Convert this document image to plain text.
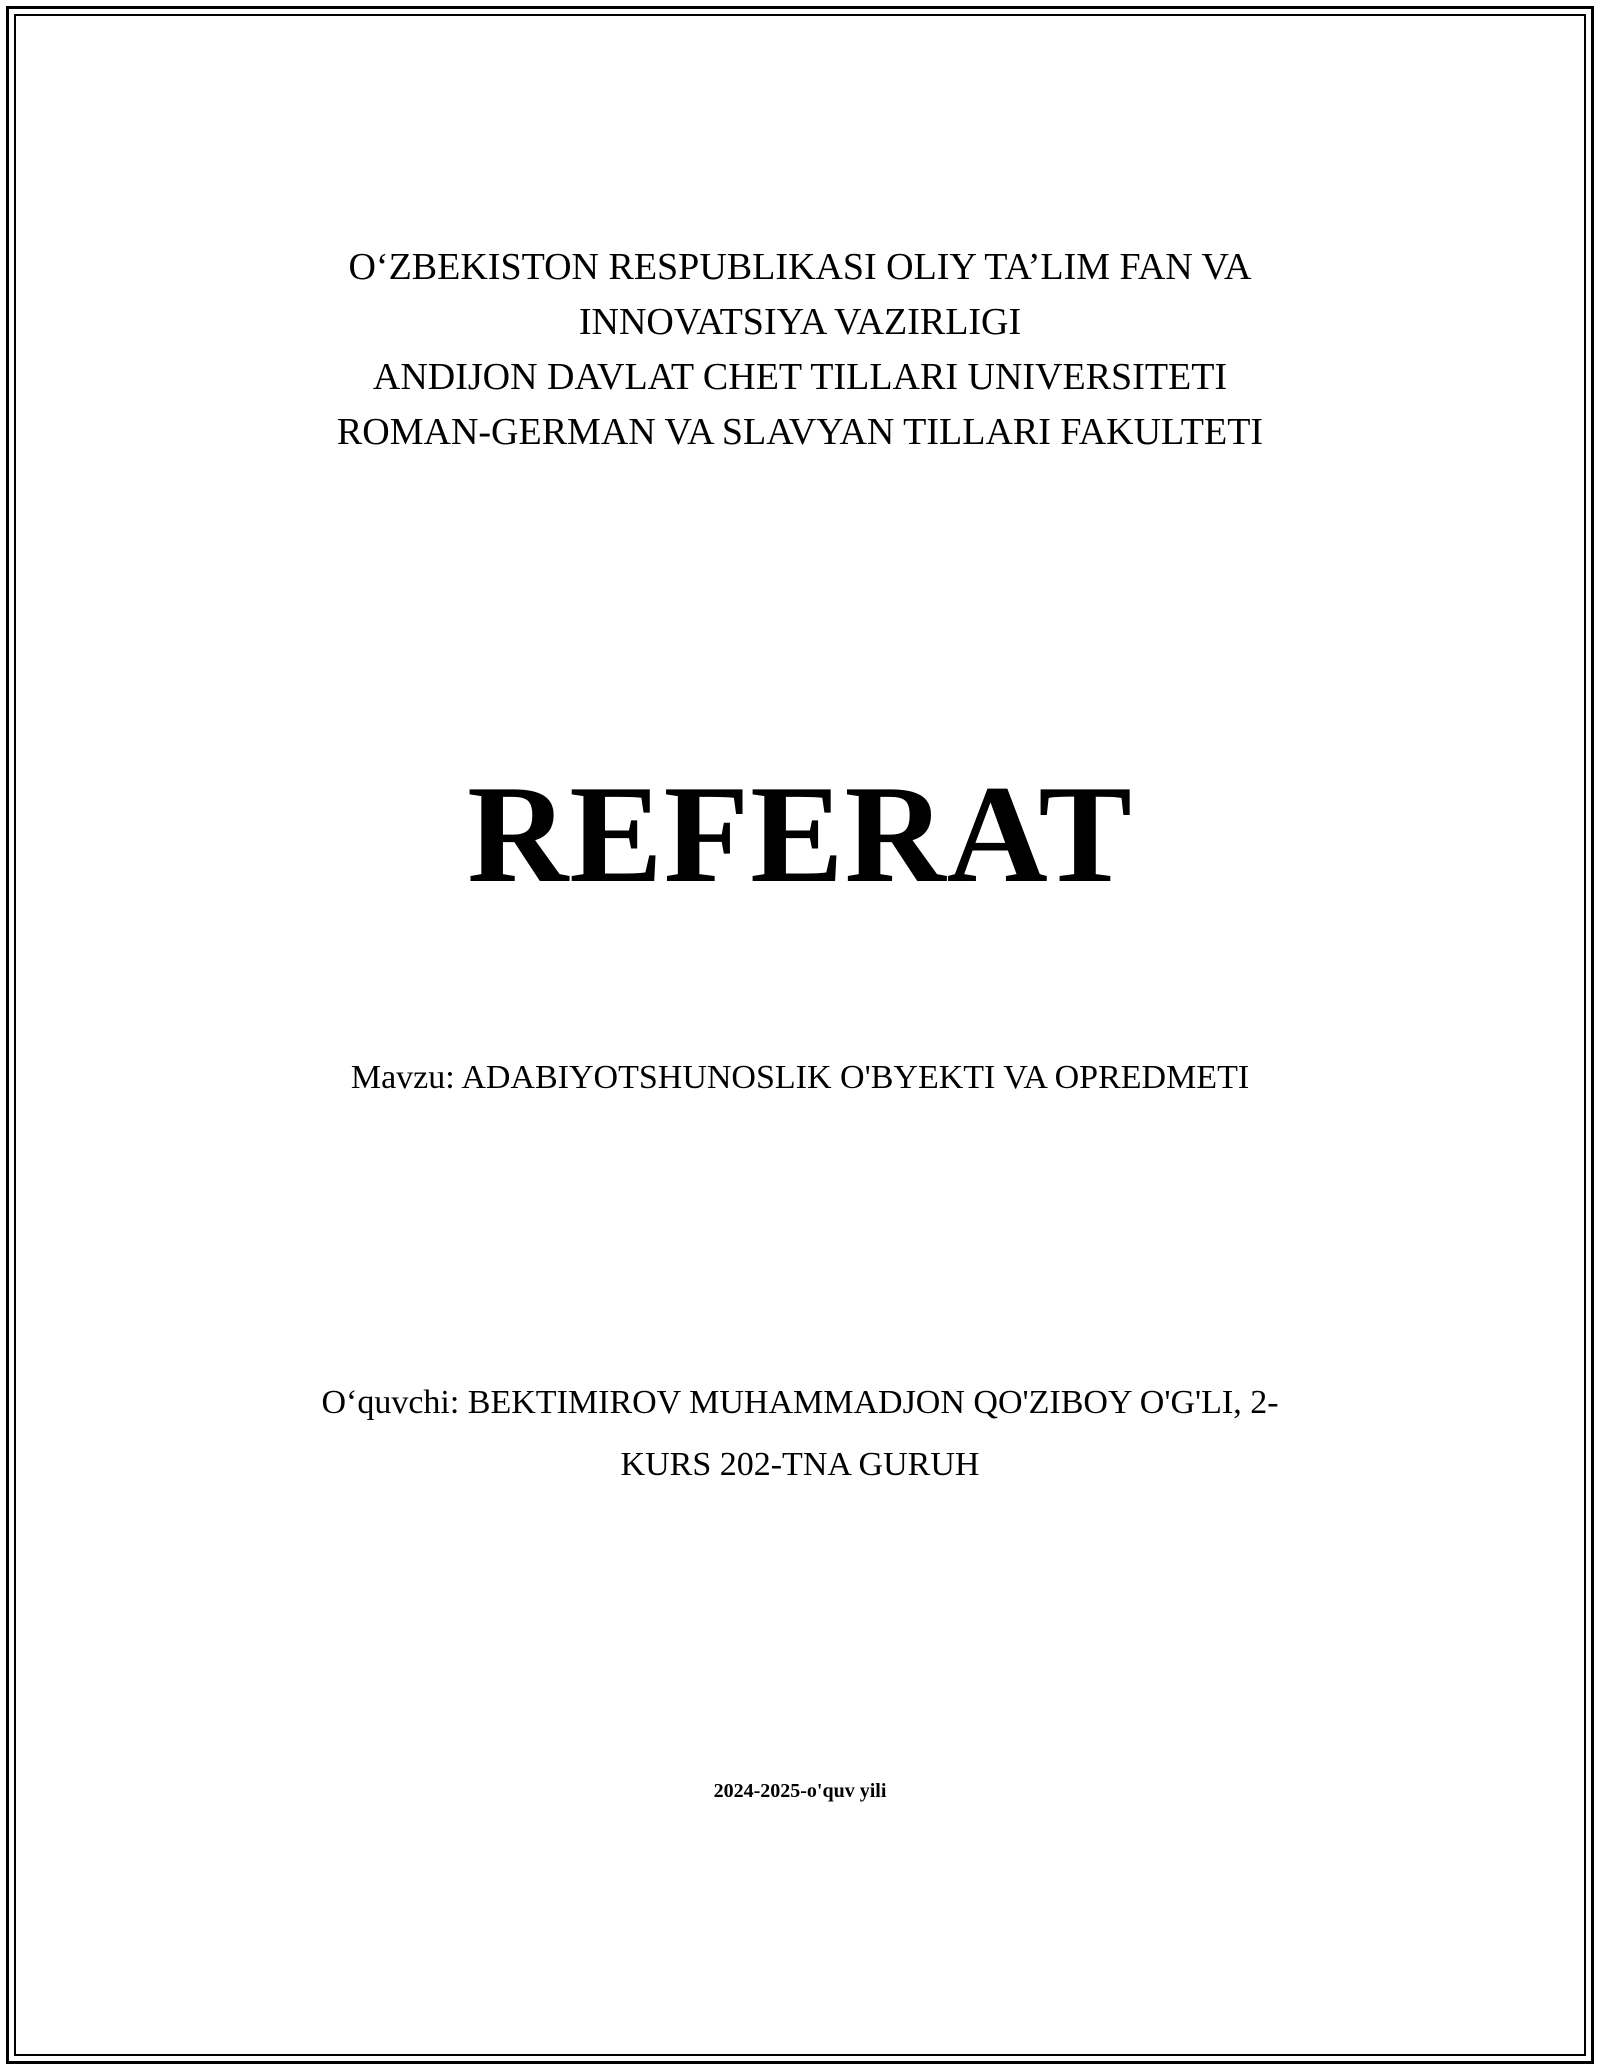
O‘ZBEKISTON RESPUBLIKASI OLIY TA’LIM FAN VA
INNOVATSIYA VAZIRLIGI
ANDIJON DAVLAT CHET TILLARI UNIVERSITETI
ROMAN-GERMAN VA SLAVYAN TILLARI FAKULTETI
REFERAT
Mavzu: ADABIYOTSHUNOSLIK O'BYEKTI VA OPREDMETI
O‘quvchi: BEKTIMIROV MUHAMMADJON QO'ZIBOY O'G'LI, 2-
KURS 202-TNA GURUH
2024-2025-o'quv yili
